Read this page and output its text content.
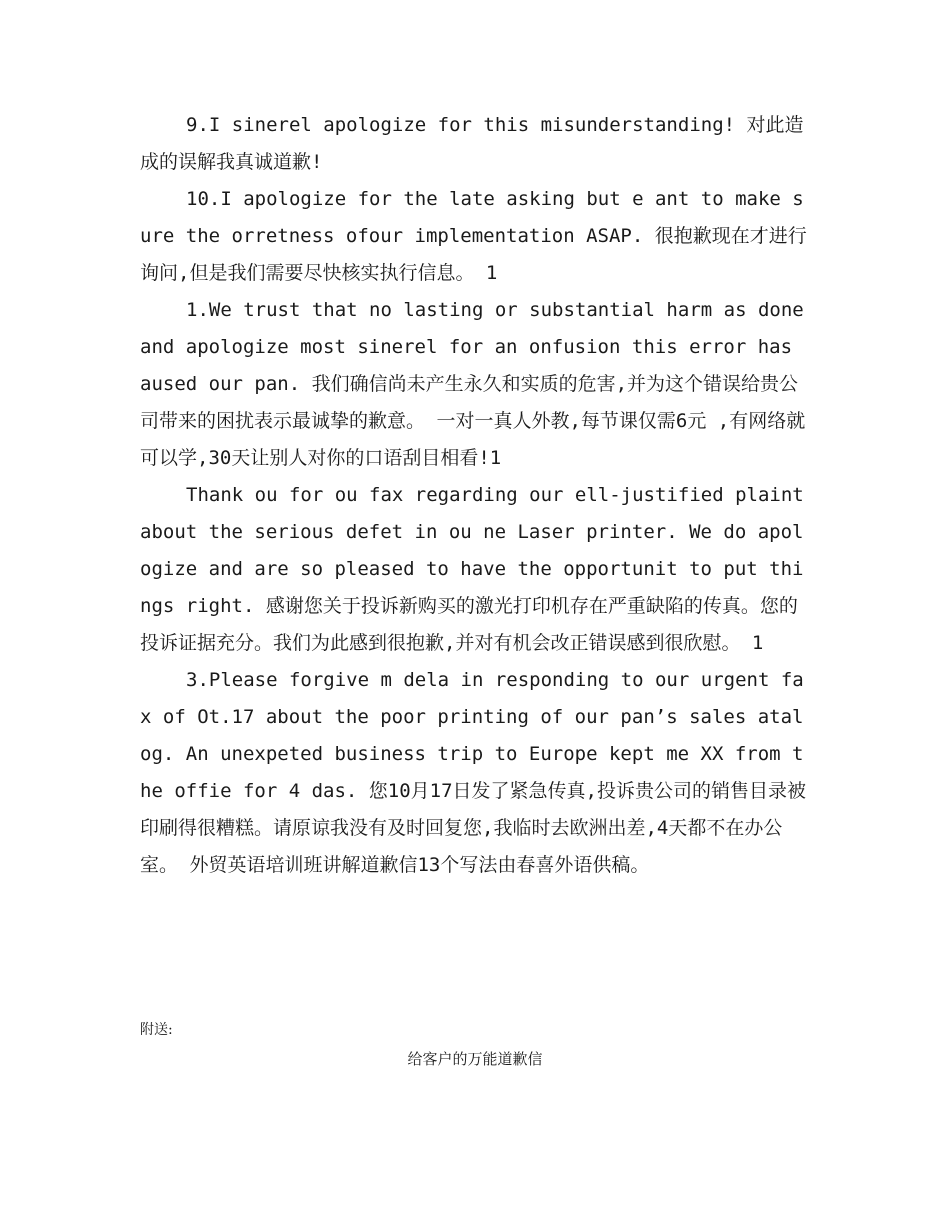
9.I sinerel apologize for this misunderstanding! 对此造成的误解我真诚道歉!

10.I apologize for the late asking but e ant to make sure the orretness ofour implementation ASAP. 很抱歉现在才进行询问,但是我们需要尽快核实执行信息。 1

1.We trust that no lasting or substantial harm as done and apologize most sinerel for an onfusion this error has aused our pan. 我们确信尚未产生永久和实质的危害,并为这个错误给贵公司带来的困扰表示最诚挚的歉意。 一对一真人外教,每节课仅需6元 ,有网络就可以学,30天让别人对你的口语刮目相看!1

Thank ou for ou fax regarding our ell-justified plaint about the serious defet in ou ne Laser printer. We do apologize and are so pleased to have the opportunit to put things right. 感谢您关于投诉新购买的激光打印机存在严重缺陷的传真。您的投诉证据充分。我们为此感到很抱歉,并对有机会改正错误感到很欣慰。 1

3.Please forgive m dela in responding to our urgent fax of Ot.17 about the poor printing of our pan’s sales atalog. An unexpeted business trip to Europe kept me XX from the offie for 4 das. 您10月17日发了紧急传真,投诉贵公司的销售目录被印刷得很糟糕。请原谅我没有及时回复您,我临时去欧洲出差,4天都不在办公室。 外贸英语培训班讲解道歉信13个写法由春喜外语供稿。

附送:
给客户的万能道歉信
